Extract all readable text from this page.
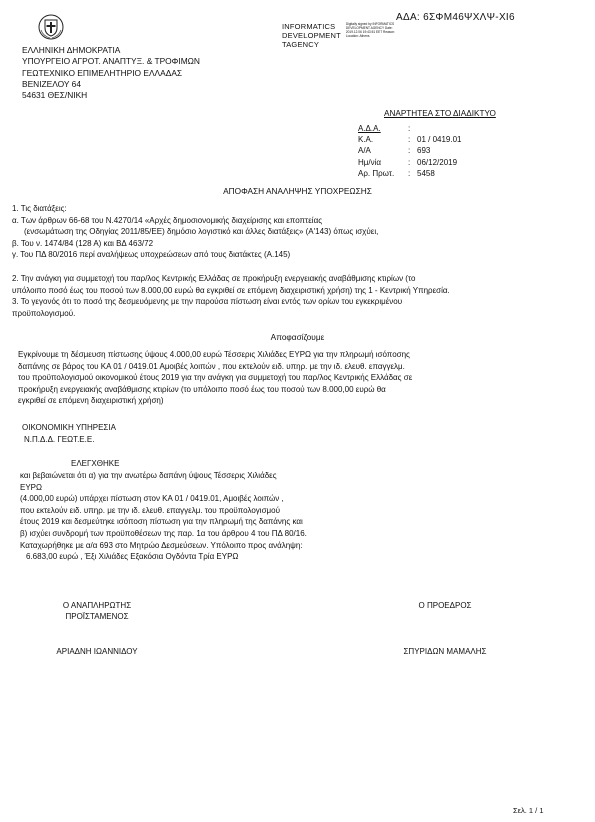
INFORMATICS
DEVELOPMENT
TAGENCY
Digitally signed by INFORMATICS DEVELOPMENT AGENCY Date: 2019.12.06 19:43:51 EET Reason: Location: Athens
ΑΔΑ: 6ΣΦΜ46ΨΧΛΨ-ΧΙ6
ΕΛΛΗΝΙΚΗ ΔΗΜΟΚΡΑΤΙΑ
ΥΠΟΥΡΓΕΙΟ ΑΓΡΟΤ. ΑΝΑΠΤΥΞ. & ΤΡΟΦΙΜΩΝ
ΓΕΩΤΕΧΝΙΚΟ ΕΠΙΜΕΛΗΤΗΡΙΟ ΕΛΛΑΔΑΣ
ΒΕΝΙΖΕΛΟΥ 64
54631 ΘΕΣ/ΝΙΚΗ
ΑΝΑΡΤΗΤΕΑ ΣΤΟ ΔΙΑΔΙΚΤΥΟ
Α.Δ.Α.	:	
Κ.Α.	:	01 / 0419.01
Α/Α	:	693
Ημ/νία	:	06/12/2019
Αρ. Πρωτ.	:	5458
ΑΠΟΦΑΣΗ ΑΝΑΛΗΨΗΣ ΥΠΟΧΡΕΩΣΗΣ

1. Τις διατάξεις:

α. Των άρθρων 66-68 του Ν.4270/14 «Αρχές δημοσιονομικής διαχείρισης και εποπτείας

(ενσωμάτωση της Οδηγίας 2011/85/ΕΕ) δημόσιο λογιστικό και άλλες διατάξεις» (Α'143) όπως ισχύει,

β. Του ν. 1474/84 (128 Α) και ΒΔ 463/72

γ. Του ΠΔ 80/2016 περί αναλήψεως υποχρεώσεων από τους διατάκτες (Α.145)

2. Την ανάγκη για συμμετοχή του παρ/λος Κεντρικής Ελλάδας σε προκήρυξη ενεργειακής αναβάθμισης κτιρίων (το

υπόλοιπο ποσό έως του ποσού των 8.000,00 ευρώ θα εγκριθεί σε επόμενη διαχειριστική χρήση) της 1 - Κεντρική Υπηρεσία.

3. Το γεγονός ότι το ποσό της δεσμευόμενης με την παρούσα πίστωση είναι εντός των ορίων του εγκεκριμένου

προϋπολογισμού.

Αποφασίζουμε

Εγκρίνουμε τη δέσμευση πίστωσης ύψους 4.000,00 ευρώ Τέσσερις Χιλιάδες ΕΥΡΩ για την πληρωμή ισόποσης

δαπάνης σε βάρος του ΚΑ 01 / 0419.01 Αμοιβές λοιπών , που εκτελούν ειδ. υπηρ. με την ιδ. ελευθ. επαγγελμ.

του προϋπολογισμού οικονομικού έτους 2019 για την ανάγκη για συμμετοχή του παρ/λος Κεντρικής Ελλάδας σε

προκήρυξη ενεργειακής αναβάθμισης κτιρίων (το υπόλοιπο ποσό έως του ποσού των 8.000,00 ευρώ θα

εγκριθεί σε επόμενη διαχειριστική χρήση)

ΟΙΚΟΝΟΜΙΚΗ ΥΠΗΡΕΣΙΑ
Ν.Π.Δ.Δ. ΓΕΩΤ.Ε.Ε.
ΕΛΕΓΧΘΗΚΕ

και βεβαιώνεται ότι α) για την ανωτέρω δαπάνη ύψους Τέσσερις Χιλιάδες

ΕΥΡΩ

(4.000,00 ευρώ) υπάρχει πίστωση στον ΚΑ 01 / 0419.01, Αμοιβές λοιπών ,

που εκτελούν ειδ. υπηρ. με την ιδ. ελευθ. επαγγελμ. του προϋπολογισμού

έτους 2019 και δεσμεύτηκε ισόποση πίστωση για την πληρωμή της δαπάνης και

β) ισχύει συνδρομή των προϋποθέσεων της παρ. 1α του άρθρου 4 του ΠΔ 80/16.

Καταχωρήθηκε με α/α 693 στο Μητρώο Δεσμεύσεων. Υπόλοιπο προς ανάληψη:

6.683,00 ευρώ , Έξι Χιλιάδες Εξακόσια Ογδόντα Τρία ΕΥΡΩ

Ο ΑΝΑΠΛΗΡΩΤΗΣ
ΠΡΟΪΣΤΑΜΕΝΟΣ
ΑΡΙΑΔΝΗ ΙΩΑΝΝΙΔΟΥ
Ο ΠΡΟΕΔΡΟΣ
ΣΠΥΡΙΔΩΝ ΜΑΜΑΛΗΣ
Σελ. 1 / 1
